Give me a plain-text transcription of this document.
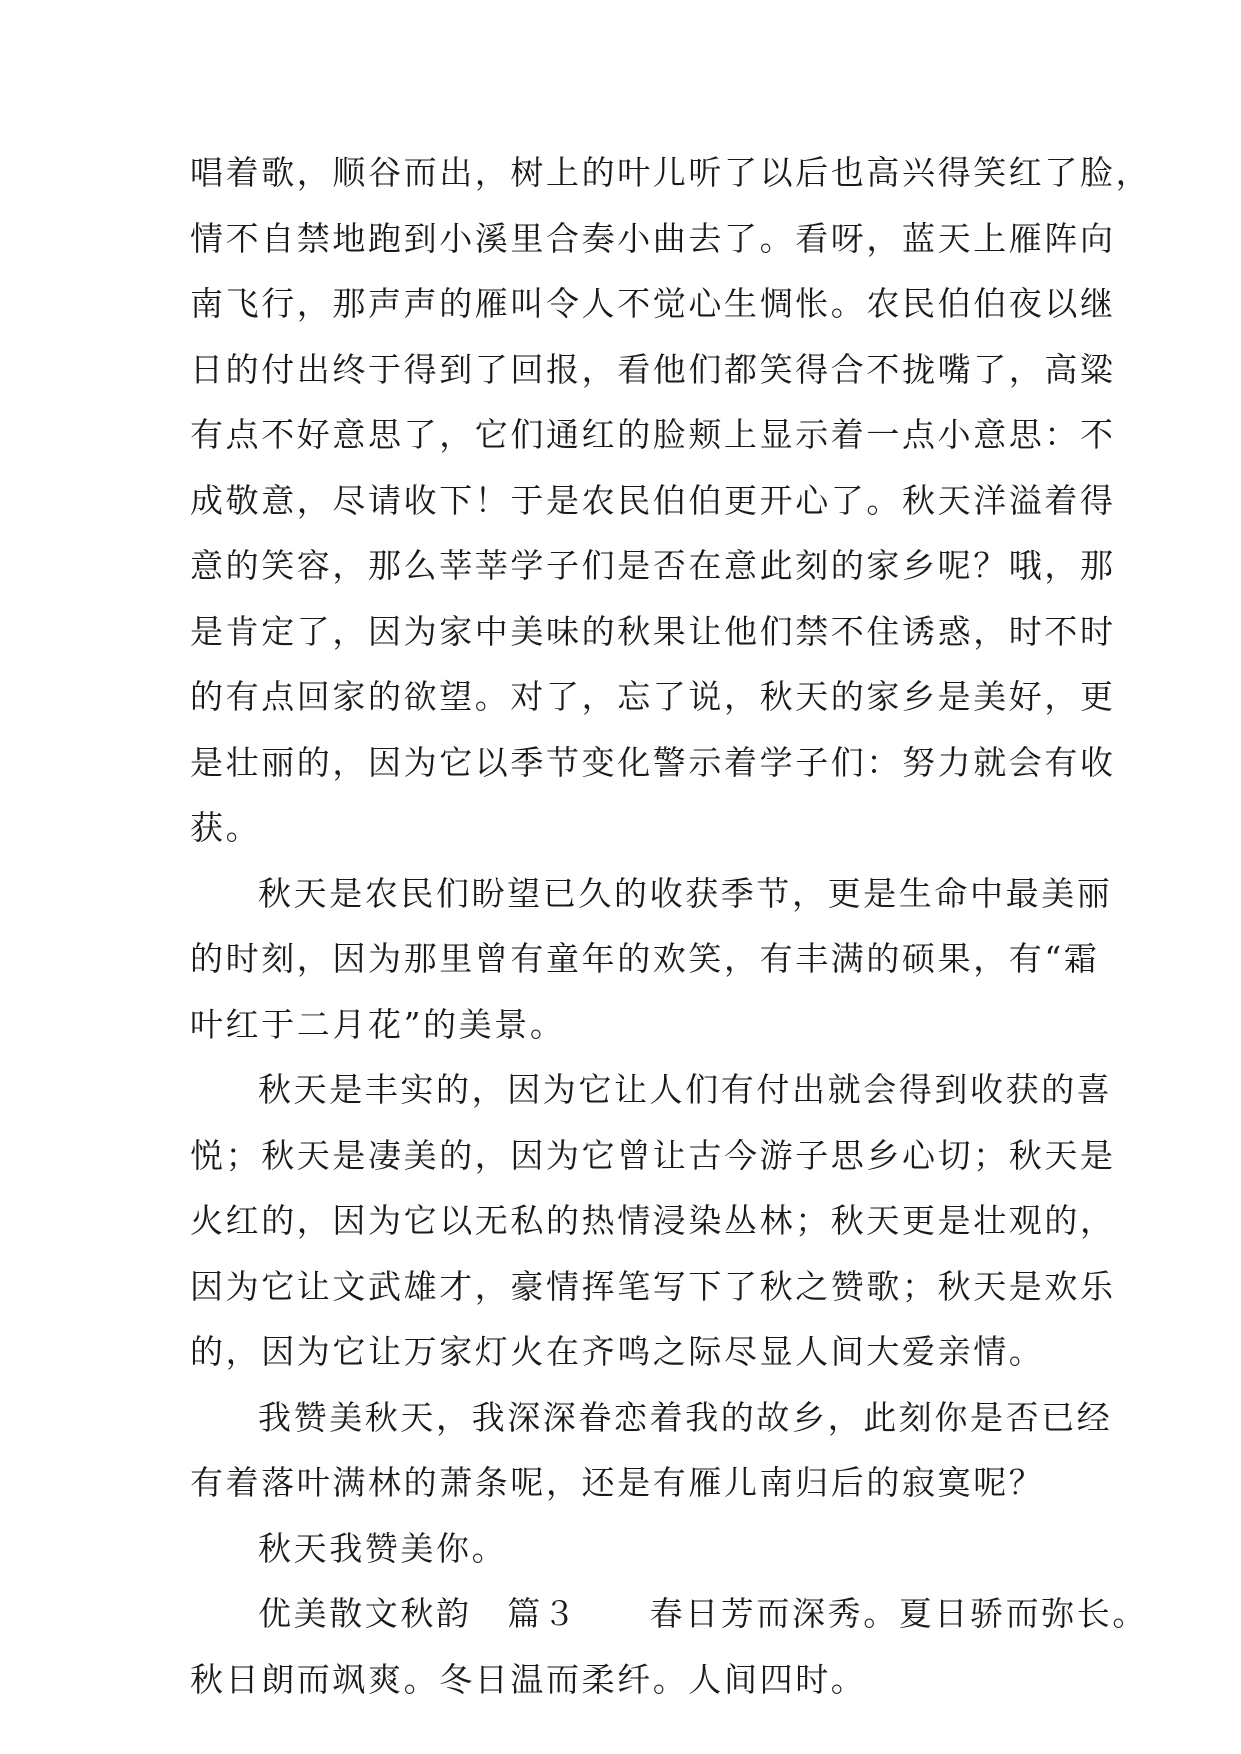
唱着歌，顺谷而出，树上的叶儿听了以后也高兴得笑红了脸，
情不自禁地跑到小溪里合奏小曲去了。看呀，蓝天上雁阵向
南飞行，那声声的雁叫令人不觉心生惆怅。农民伯伯夜以继
日的付出终于得到了回报，看他们都笑得合不拢嘴了，高粱
有点不好意思了，它们通红的脸颊上显示着一点小意思：不
成敬意，尽请收下！于是农民伯伯更开心了。秋天洋溢着得
意的笑容，那么莘莘学子们是否在意此刻的家乡呢？哦，那
是肯定了，因为家中美味的秋果让他们禁不住诱惑，时不时
的有点回家的欲望。对了，忘了说，秋天的家乡是美好，更
是壮丽的，因为它以季节变化警示着学子们：努力就会有收
获。
秋天是农民们盼望已久的收获季节，更是生命中最美丽
的时刻，因为那里曾有童年的欢笑，有丰满的硕果，有“霜
叶红于二月花”的美景。
秋天是丰实的，因为它让人们有付出就会得到收获的喜
悦；秋天是凄美的，因为它曾让古今游子思乡心切；秋天是
火红的，因为它以无私的热情浸染丛林；秋天更是壮观的，
因为它让文武雄才，豪情挥笔写下了秋之赞歌；秋天是欢乐
的，因为它让万家灯火在齐鸣之际尽显人间大爱亲情。
我赞美秋天，我深深眷恋着我的故乡，此刻你是否已经
有着落叶满林的萧条呢，还是有雁儿南归后的寂寞呢？
秋天我赞美你。
优美散文秋韵　篇３　　春日芳而深秀。夏日骄而弥长。
秋日朗而飒爽。冬日温而柔纤。人间四时。
